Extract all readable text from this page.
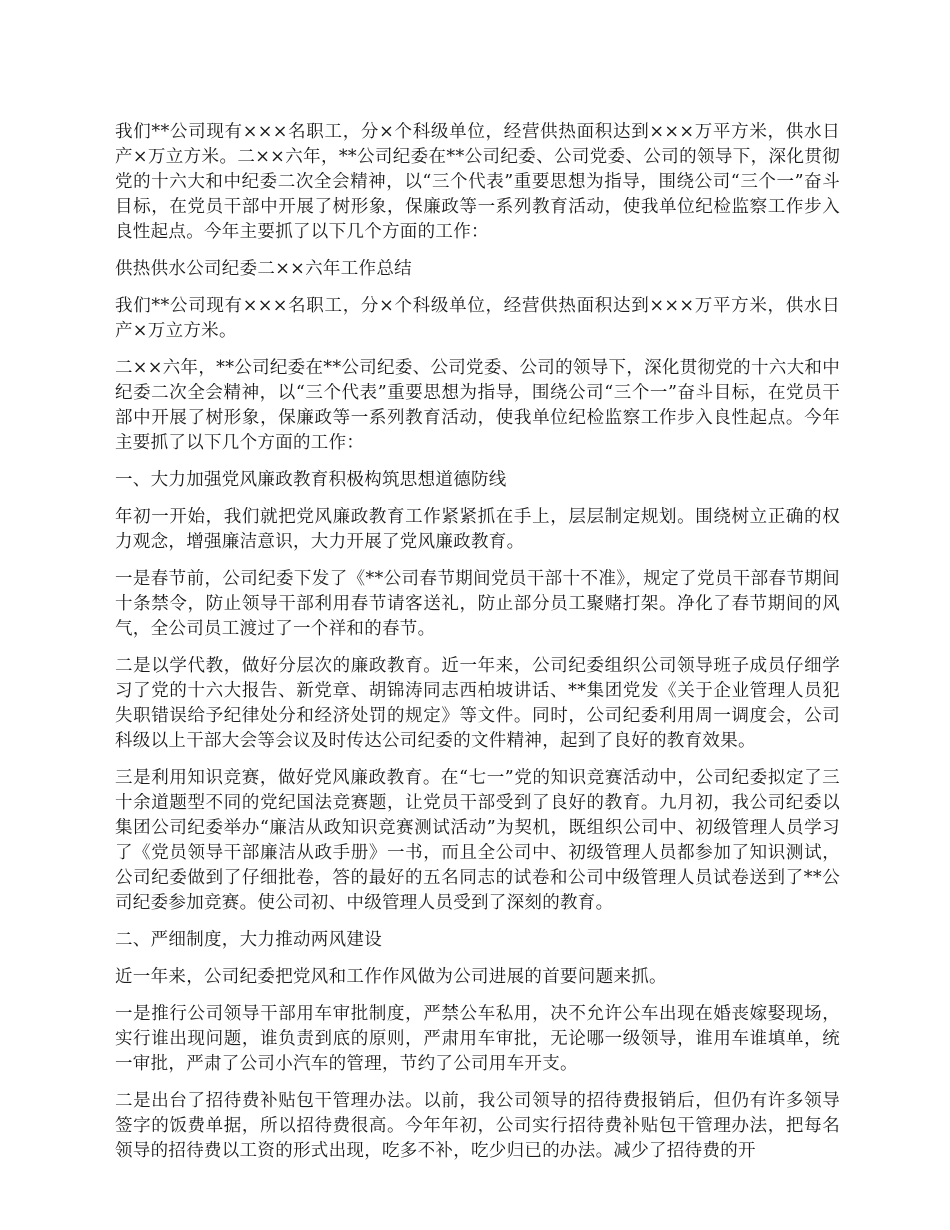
我们**公司现有×××名职工，分×个科级单位，经营供热面积达到×××万平方米，供水日产×万立方米。二××六年，**公司纪委在**公司纪委、公司党委、公司的领导下，深化贯彻党的十六大和中纪委二次全会精神，以“三个代表”重要思想为指导，围绕公司“三个一”奋斗目标，在党员干部中开展了树形象，保廉政等一系列教育活动，使我单位纪检监察工作步入良性起点。今年主要抓了以下几个方面的工作：

供热供水公司纪委二××六年工作总结

我们**公司现有×××名职工，分×个科级单位，经营供热面积达到×××万平方米，供水日产×万立方米。

二××六年，**公司纪委在**公司纪委、公司党委、公司的领导下，深化贯彻党的十六大和中纪委二次全会精神，以“三个代表”重要思想为指导，围绕公司“三个一”奋斗目标，在党员干部中开展了树形象，保廉政等一系列教育活动，使我单位纪检监察工作步入良性起点。今年主要抓了以下几个方面的工作：

一、大力加强党风廉政教育积极构筑思想道德防线

年初一开始，我们就把党风廉政教育工作紧紧抓在手上，层层制定规划。围绕树立正确的权力观念，增强廉洁意识，大力开展了党风廉政教育。

一是春节前，公司纪委下发了《**公司春节期间党员干部十不准》，规定了党员干部春节期间十条禁令，防止领导干部利用春节请客送礼，防止部分员工聚赌打架。净化了春节期间的风气，全公司员工渡过了一个祥和的春节。

二是以学代教，做好分层次的廉政教育。近一年来，公司纪委组织公司领导班子成员仔细学习了党的十六大报告、新党章、胡锦涛同志西柏坡讲话、**集团党发《关于企业管理人员犯失职错误给予纪律处分和经济处罚的规定》等文件。同时，公司纪委利用周一调度会，公司科级以上干部大会等会议及时传达公司纪委的文件精神，起到了良好的教育效果。

三是利用知识竞赛，做好党风廉政教育。在“七一”党的知识竞赛活动中，公司纪委拟定了三十余道题型不同的党纪国法竞赛题，让党员干部受到了良好的教育。九月初，我公司纪委以集团公司纪委举办“廉洁从政知识竞赛测试活动”为契机，既组织公司中、初级管理人员学习了《党员领导干部廉洁从政手册》一书，而且全公司中、初级管理人员都参加了知识测试，公司纪委做到了仔细批卷，答的最好的五名同志的试卷和公司中级管理人员试卷送到了**公司纪委参加竞赛。使公司初、中级管理人员受到了深刻的教育。

二、严细制度，大力推动两风建设

近一年来，公司纪委把党风和工作作风做为公司进展的首要问题来抓。

一是推行公司领导干部用车审批制度，严禁公车私用，决不允许公车出现在婚丧嫁娶现场，实行谁出现问题，谁负责到底的原则，严肃用车审批，无论哪一级领导，谁用车谁填单，统一审批，严肃了公司小汽车的管理，节约了公司用车开支。

二是出台了招待费补贴包干管理办法。以前，我公司领导的招待费报销后，但仍有许多领导签字的饭费单据，所以招待费很高。今年年初，公司实行招待费补贴包干管理办法，把每名领导的招待费以工资的形式出现，吃多不补，吃少归已的办法。减少了招待费的开
